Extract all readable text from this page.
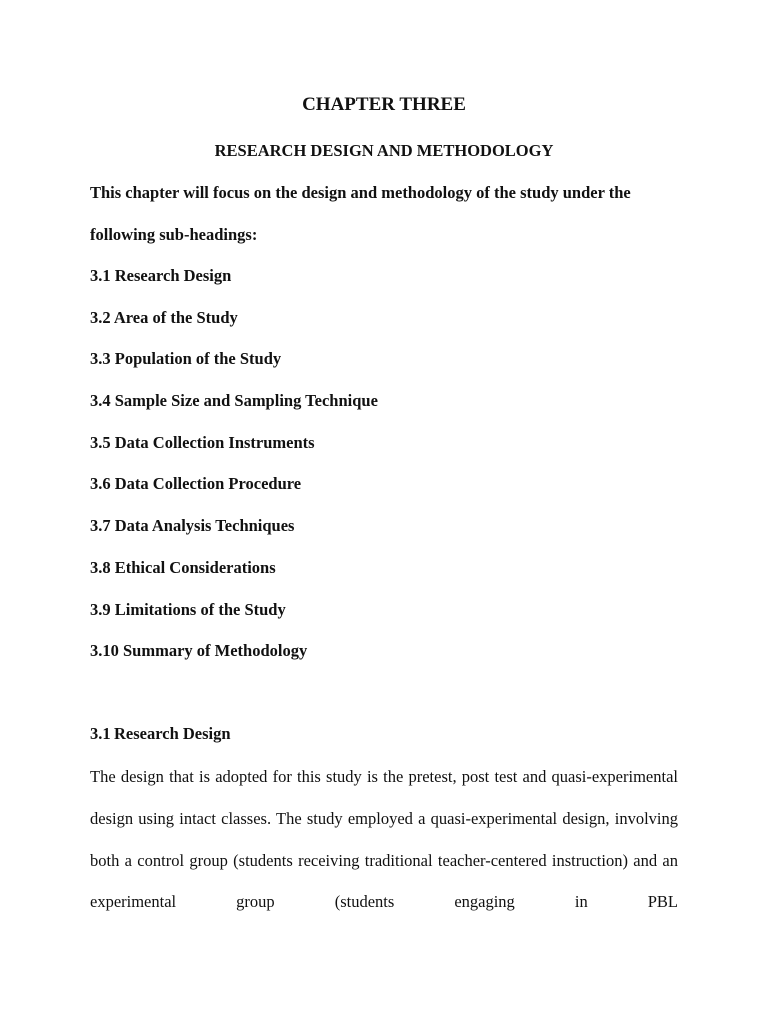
CHAPTER THREE
RESEARCH DESIGN AND METHODOLOGY

This chapter will focus on the design and methodology of the study under the following sub-headings:

3.1 Research Design
3.2 Area of the Study
3.3 Population of the Study
3.4 Sample Size and Sampling Technique
3.5 Data Collection Instruments
3.6 Data Collection Procedure
3.7 Data Analysis Techniques
3.8 Ethical Considerations
3.9 Limitations of the Study
3.10 Summary of Methodology
3.1 Research Design

The design that is adopted for this study is the pretest, post test and quasi-experimental design using intact classes. The study employed a quasi-experimental design, involving both a control group (students receiving traditional teacher-centered instruction) and an experimental group (students engaging in PBL
